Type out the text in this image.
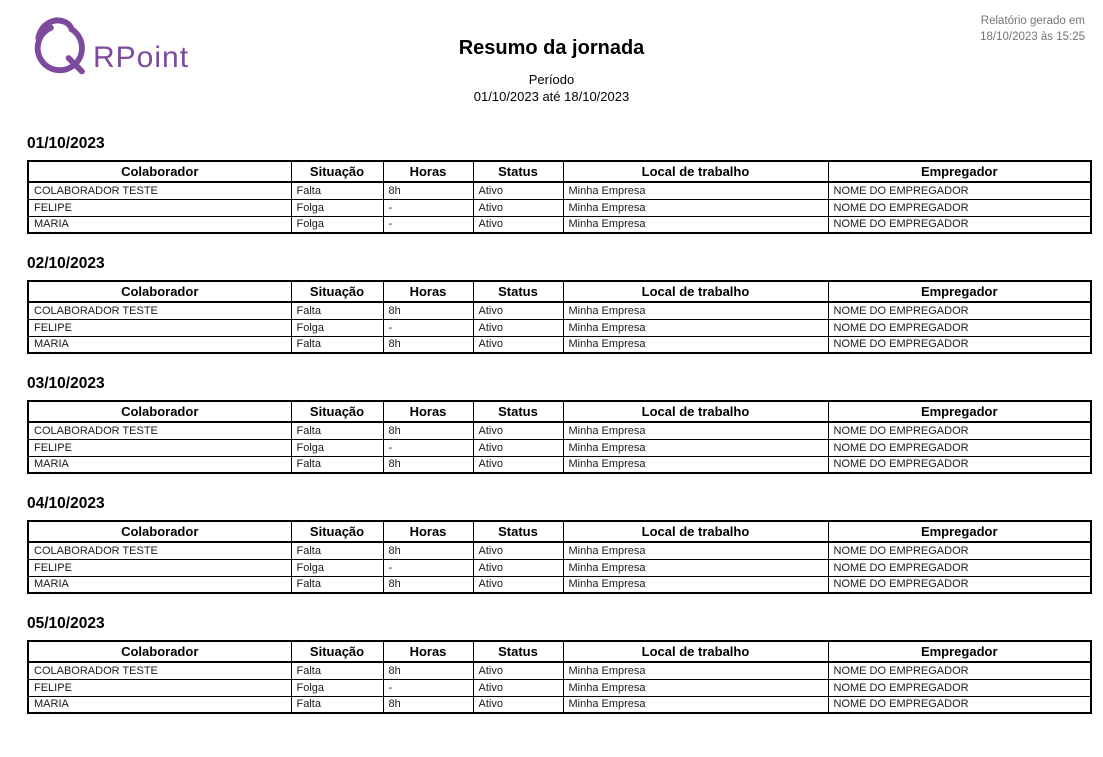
RPoint
Relatório gerado em
18/10/2023 às 15:25
Resumo da jornada
Período
01/10/2023 até 18/10/2023
01/10/2023
Colaborador	Situação	Horas	Status	Local de trabalho	Empregador
COLABORADOR TESTE	Falta	8h	Ativo	Minha Empresa	NOME DO EMPREGADOR
FELIPE	Folga	-	Ativo	Minha Empresa	NOME DO EMPREGADOR
MARIA	Folga	-	Ativo	Minha Empresa	NOME DO EMPREGADOR
02/10/2023
Colaborador	Situação	Horas	Status	Local de trabalho	Empregador
COLABORADOR TESTE	Falta	8h	Ativo	Minha Empresa	NOME DO EMPREGADOR
FELIPE	Folga	-	Ativo	Minha Empresa	NOME DO EMPREGADOR
MARIA	Falta	8h	Ativo	Minha Empresa	NOME DO EMPREGADOR
03/10/2023
Colaborador	Situação	Horas	Status	Local de trabalho	Empregador
COLABORADOR TESTE	Falta	8h	Ativo	Minha Empresa	NOME DO EMPREGADOR
FELIPE	Folga	-	Ativo	Minha Empresa	NOME DO EMPREGADOR
MARIA	Falta	8h	Ativo	Minha Empresa	NOME DO EMPREGADOR
04/10/2023
Colaborador	Situação	Horas	Status	Local de trabalho	Empregador
COLABORADOR TESTE	Falta	8h	Ativo	Minha Empresa	NOME DO EMPREGADOR
FELIPE	Folga	-	Ativo	Minha Empresa	NOME DO EMPREGADOR
MARIA	Falta	8h	Ativo	Minha Empresa	NOME DO EMPREGADOR
05/10/2023
Colaborador	Situação	Horas	Status	Local de trabalho	Empregador
COLABORADOR TESTE	Falta	8h	Ativo	Minha Empresa	NOME DO EMPREGADOR
FELIPE	Folga	-	Ativo	Minha Empresa	NOME DO EMPREGADOR
MARIA	Falta	8h	Ativo	Minha Empresa	NOME DO EMPREGADOR
